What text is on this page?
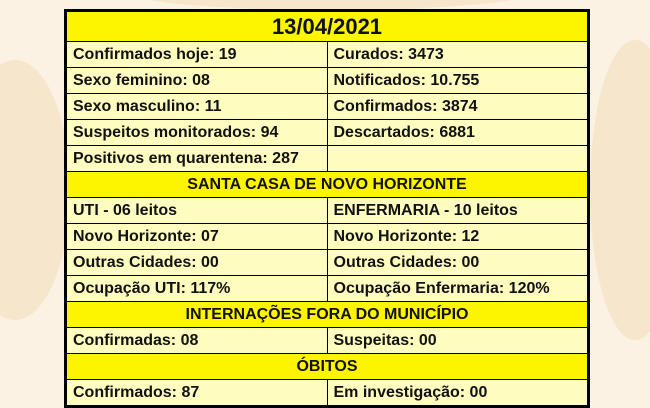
13/04/2021	
Confirmados hoje: 19	Curados: 3473
Sexo feminino: 08	Notificados: 10.755
Sexo masculino: 11	Confirmados: 3874
Suspeitos monitorados: 94	Descartados: 6881
Positivos em quarentena: 287	
SANTA CASA DE NOVO HORIZONTE	
UTI - 06 leitos	ENFERMARIA - 10 leitos
Novo Horizonte: 07	Novo Horizonte: 12
Outras Cidades: 00	Outras Cidades: 00
Ocupação UTI: 117%	Ocupação Enfermaria: 120%
INTERNAÇÕES FORA DO MUNICÍPIO	
Confirmadas: 08	Suspeitas: 00
ÓBITOS	
Confirmados: 87	Em investigação: 00
